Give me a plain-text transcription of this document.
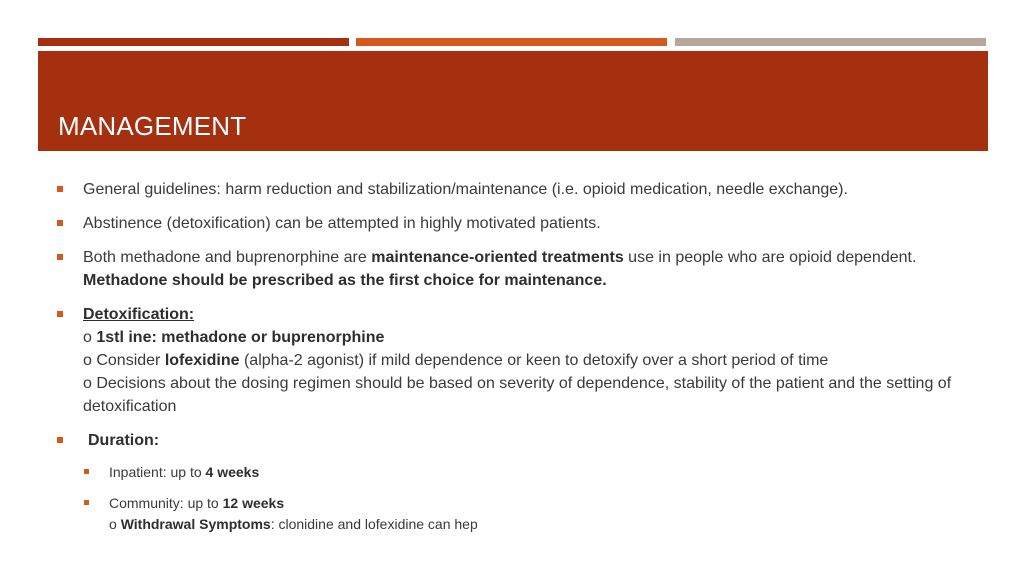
MANAGEMENT
General guidelines: harm reduction and stabilization/maintenance (i.e. opioid medication, needle exchange).
Abstinence (detoxification) can be attempted in highly motivated patients.
Both methadone and buprenorphine are maintenance-oriented treatments use in people who are opioid dependent. Methadone should be prescribed as the first choice for maintenance.
Detoxification:
o 1stl ine: methadone or buprenorphine
o Consider lofexidine (alpha-2 agonist) if mild dependence or keen to detoxify over a short period of time
o Decisions about the dosing regimen should be based on severity of dependence, stability of the patient and the setting of detoxification
Duration:
Inpatient: up to 4 weeks
Community: up to 12 weeks
o Withdrawal Symptoms: clonidine and lofexidine can hep
